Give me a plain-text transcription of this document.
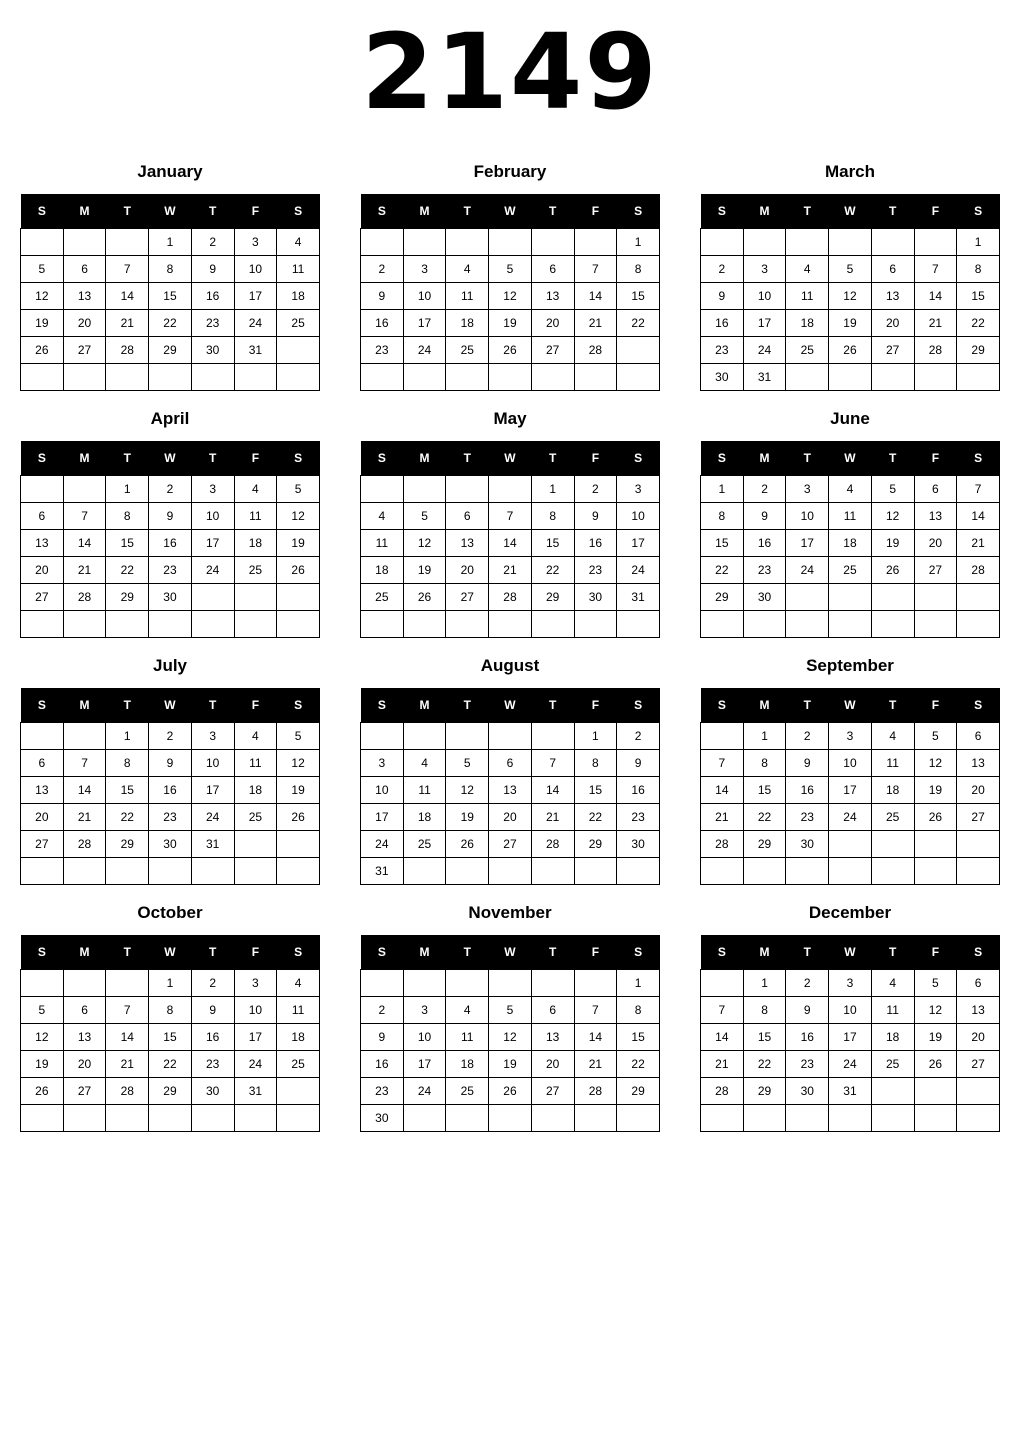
2149
January
S	M	T	W	T	F	S
			1	2	3	4
5	6	7	8	9	10	11
12	13	14	15	16	17	18
19	20	21	22	23	24	25
26	27	28	29	30	31	

February
S	M	T	W	T	F	S
						1
2	3	4	5	6	7	8
9	10	11	12	13	14	15
16	17	18	19	20	21	22
23	24	25	26	27	28	

March
S	M	T	W	T	F	S
						1
2	3	4	5	6	7	8
9	10	11	12	13	14	15
16	17	18	19	20	21	22
23	24	25	26	27	28	29
30	31					
April
S	M	T	W	T	F	S
		1	2	3	4	5
6	7	8	9	10	11	12
13	14	15	16	17	18	19
20	21	22	23	24	25	26
27	28	29	30			

May
S	M	T	W	T	F	S
				1	2	3
4	5	6	7	8	9	10
11	12	13	14	15	16	17
18	19	20	21	22	23	24
25	26	27	28	29	30	31

June
S	M	T	W	T	F	S
1	2	3	4	5	6	7
8	9	10	11	12	13	14
15	16	17	18	19	20	21
22	23	24	25	26	27	28
29	30					

July
S	M	T	W	T	F	S
		1	2	3	4	5
6	7	8	9	10	11	12
13	14	15	16	17	18	19
20	21	22	23	24	25	26
27	28	29	30	31		

August
S	M	T	W	T	F	S
					1	2
3	4	5	6	7	8	9
10	11	12	13	14	15	16
17	18	19	20	21	22	23
24	25	26	27	28	29	30
31						
September
S	M	T	W	T	F	S
	1	2	3	4	5	6
7	8	9	10	11	12	13
14	15	16	17	18	19	20
21	22	23	24	25	26	27
28	29	30				

October
S	M	T	W	T	F	S
			1	2	3	4
5	6	7	8	9	10	11
12	13	14	15	16	17	18
19	20	21	22	23	24	25
26	27	28	29	30	31	

November
S	M	T	W	T	F	S
						1
2	3	4	5	6	7	8
9	10	11	12	13	14	15
16	17	18	19	20	21	22
23	24	25	26	27	28	29
30						
December
S	M	T	W	T	F	S
	1	2	3	4	5	6
7	8	9	10	11	12	13
14	15	16	17	18	19	20
21	22	23	24	25	26	27
28	29	30	31			
